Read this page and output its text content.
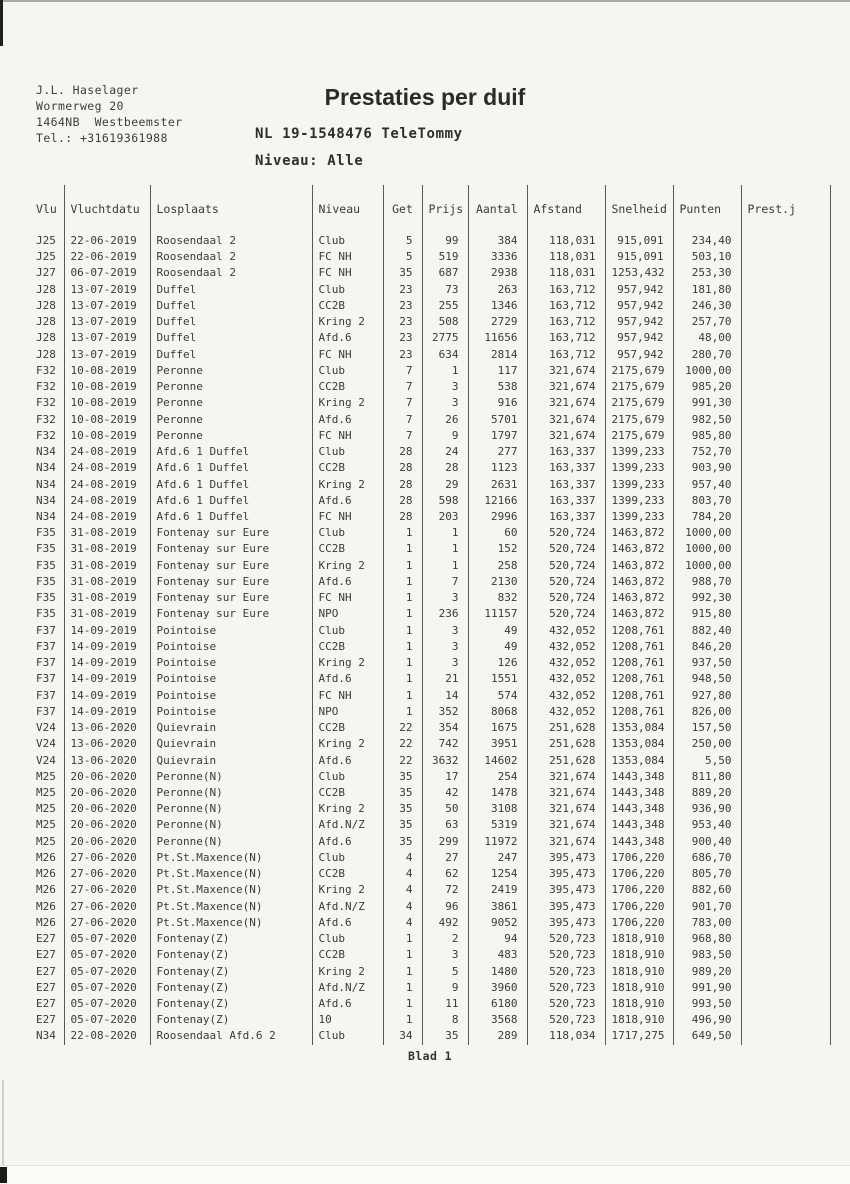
J.L. Haselager
Wormerweg 20
1464NB  Westbeemster
Tel.: +31619361988
Prestaties per duif
NL 19-1548476 TeleTommy
Niveau: Alle
Vlu	Vluchtdatu	Losplaats	Niveau	Get	Prijs	Aantal	Afstand	Snelheid	Punten	Prest.j
J25	22-06-2019	Roosendaal 2	Club	5	99	384	118,031	915,091	234,40	
J25	22-06-2019	Roosendaal 2	FC NH	5	519	3336	118,031	915,091	503,10	
J27	06-07-2019	Roosendaal 2	FC NH	35	687	2938	118,031	1253,432	253,30	
J28	13-07-2019	Duffel	Club	23	73	263	163,712	957,942	181,80	
J28	13-07-2019	Duffel	CC2B	23	255	1346	163,712	957,942	246,30	
J28	13-07-2019	Duffel	Kring 2	23	508	2729	163,712	957,942	257,70	
J28	13-07-2019	Duffel	Afd.6	23	2775	11656	163,712	957,942	48,00	
J28	13-07-2019	Duffel	FC NH	23	634	2814	163,712	957,942	280,70	
F32	10-08-2019	Peronne	Club	7	1	117	321,674	2175,679	1000,00	
F32	10-08-2019	Peronne	CC2B	7	3	538	321,674	2175,679	985,20	
F32	10-08-2019	Peronne	Kring 2	7	3	916	321,674	2175,679	991,30	
F32	10-08-2019	Peronne	Afd.6	7	26	5701	321,674	2175,679	982,50	
F32	10-08-2019	Peronne	FC NH	7	9	1797	321,674	2175,679	985,80	
N34	24-08-2019	Afd.6 1 Duffel	Club	28	24	277	163,337	1399,233	752,70	
N34	24-08-2019	Afd.6 1 Duffel	CC2B	28	28	1123	163,337	1399,233	903,90	
N34	24-08-2019	Afd.6 1 Duffel	Kring 2	28	29	2631	163,337	1399,233	957,40	
N34	24-08-2019	Afd.6 1 Duffel	Afd.6	28	598	12166	163,337	1399,233	803,70	
N34	24-08-2019	Afd.6 1 Duffel	FC NH	28	203	2996	163,337	1399,233	784,20	
F35	31-08-2019	Fontenay sur Eure	Club	1	1	60	520,724	1463,872	1000,00	
F35	31-08-2019	Fontenay sur Eure	CC2B	1	1	152	520,724	1463,872	1000,00	
F35	31-08-2019	Fontenay sur Eure	Kring 2	1	1	258	520,724	1463,872	1000,00	
F35	31-08-2019	Fontenay sur Eure	Afd.6	1	7	2130	520,724	1463,872	988,70	
F35	31-08-2019	Fontenay sur Eure	FC NH	1	3	832	520,724	1463,872	992,30	
F35	31-08-2019	Fontenay sur Eure	NPO	1	236	11157	520,724	1463,872	915,80	
F37	14-09-2019	Pointoise	Club	1	3	49	432,052	1208,761	882,40	
F37	14-09-2019	Pointoise	CC2B	1	3	49	432,052	1208,761	846,20	
F37	14-09-2019	Pointoise	Kring 2	1	3	126	432,052	1208,761	937,50	
F37	14-09-2019	Pointoise	Afd.6	1	21	1551	432,052	1208,761	948,50	
F37	14-09-2019	Pointoise	FC NH	1	14	574	432,052	1208,761	927,80	
F37	14-09-2019	Pointoise	NPO	1	352	8068	432,052	1208,761	826,00	
V24	13-06-2020	Quievrain	CC2B	22	354	1675	251,628	1353,084	157,50	
V24	13-06-2020	Quievrain	Kring 2	22	742	3951	251,628	1353,084	250,00	
V24	13-06-2020	Quievrain	Afd.6	22	3632	14602	251,628	1353,084	5,50	
M25	20-06-2020	Peronne(N)	Club	35	17	254	321,674	1443,348	811,80	
M25	20-06-2020	Peronne(N)	CC2B	35	42	1478	321,674	1443,348	889,20	
M25	20-06-2020	Peronne(N)	Kring 2	35	50	3108	321,674	1443,348	936,90	
M25	20-06-2020	Peronne(N)	Afd.N/Z	35	63	5319	321,674	1443,348	953,40	
M25	20-06-2020	Peronne(N)	Afd.6	35	299	11972	321,674	1443,348	900,40	
M26	27-06-2020	Pt.St.Maxence(N)	Club	4	27	247	395,473	1706,220	686,70	
M26	27-06-2020	Pt.St.Maxence(N)	CC2B	4	62	1254	395,473	1706,220	805,70	
M26	27-06-2020	Pt.St.Maxence(N)	Kring 2	4	72	2419	395,473	1706,220	882,60	
M26	27-06-2020	Pt.St.Maxence(N)	Afd.N/Z	4	96	3861	395,473	1706,220	901,70	
M26	27-06-2020	Pt.St.Maxence(N)	Afd.6	4	492	9052	395,473	1706,220	783,00	
E27	05-07-2020	Fontenay(Z)	Club	1	2	94	520,723	1818,910	968,80	
E27	05-07-2020	Fontenay(Z)	CC2B	1	3	483	520,723	1818,910	983,50	
E27	05-07-2020	Fontenay(Z)	Kring 2	1	5	1480	520,723	1818,910	989,20	
E27	05-07-2020	Fontenay(Z)	Afd.N/Z	1	9	3960	520,723	1818,910	991,90	
E27	05-07-2020	Fontenay(Z)	Afd.6	1	11	6180	520,723	1818,910	993,50	
E27	05-07-2020	Fontenay(Z)	10	1	8	3568	520,723	1818,910	496,90	
N34	22-08-2020	Roosendaal Afd.6 2	Club	34	35	289	118,034	1717,275	649,50	
Blad 1
